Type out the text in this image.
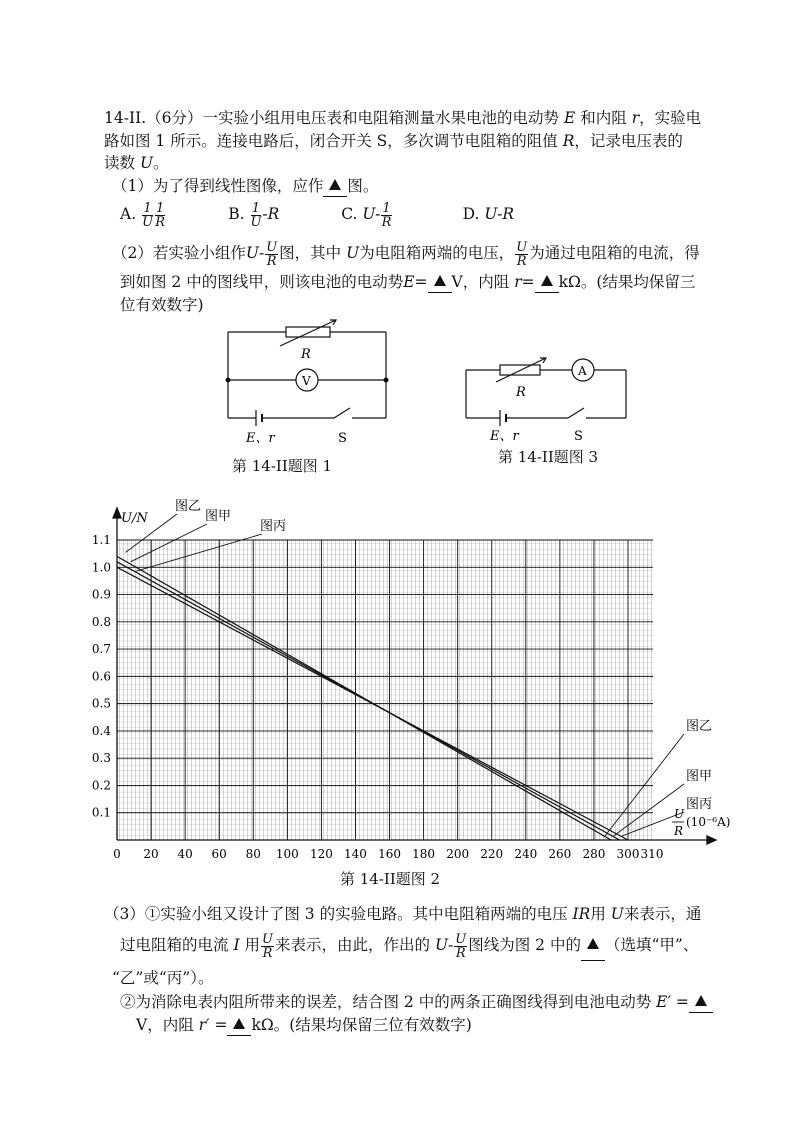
14-II.（6分）一实验小组用电压表和电阻箱测量水果电池的电动势 E 和内阻 r，实验电
路如图 1 所示。连接电路后，闭合开关 S，多次调节电阻箱的阻值 R，记录电压表的
读数 U。
（1）为了得到线性图像，应作 图。
A. $\frac{1}{U} \frac{1}{R}$	B. $\frac{1}{U} -R$	C. $U- \frac{1}{R}$	D. U-R
（2）若实验小组作$U- \frac{U}{R}$ 图，其中 U为电阻箱两端的电压， $\frac{U}{R}$ 为通过电阻箱的电流，得
到如图 2 中的图线甲，则该电池的电动势E= V，内阻 r= kΩ。(结果均保留三
位有效数字)
R
V
E、r	S
第 14-II题图 1
R
A
E、r	S
第 14-II题图 3
0 20 40 60 80 100 120 140 160 180 200 220 240 260 280 300 310
0.1
0.2
0.3
0.4
0.5
0.6
0.7
0.8
0.9
1.0
1.1
图乙
图甲
图丙
图乙
图甲
图丙
U/N
U
R
(10⁻⁶A)
第 14-II题图 2
（3）①实验小组又设计了图 3 的实验电路。其中电阻箱两端的电压 IR用 U来表示，通
过电阻箱的电流 I 用 $\frac{U}{R}$ 来表示，由此，作出的 $U- \frac{U}{R}$ 图线为图 2 中的 （选填“甲”、
“乙”或“丙”）。
②为消除电表内阻所带来的误差，结合图 2 中的两条正确图线得到电池电动势 E′ =
V，内阻 r′ = kΩ。(结果均保留三位有效数字)
